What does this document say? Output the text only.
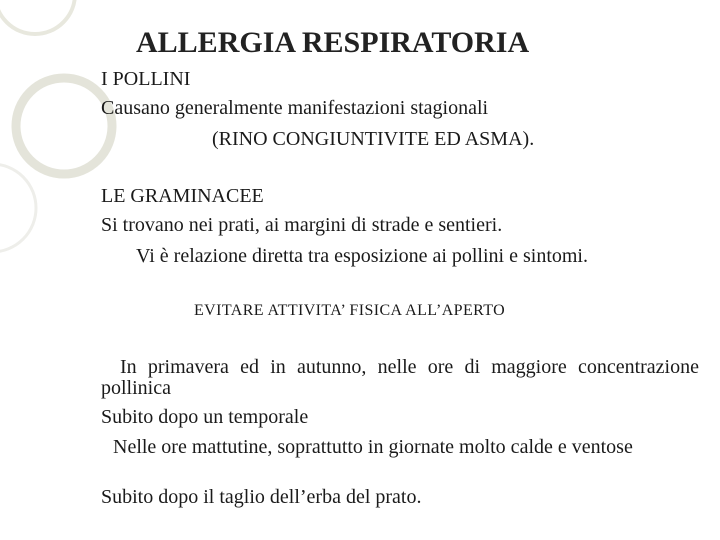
ALLERGIA RESPIRATORIA

I POLLINI

Causano generalmente manifestazioni stagionali

(RINO CONGIUNTIVITE ED ASMA).

LE GRAMINACEE

Si trovano nei prati, ai margini di strade e sentieri.

Vi è relazione diretta tra esposizione ai pollini e sintomi.

EVITARE ATTIVITA’ FISICA ALL’APERTO

In primavera ed in autunno, nelle ore di maggiore concentrazione pollinica

Subito dopo un temporale

Nelle ore mattutine, soprattutto in giornate molto calde e ventose

Subito dopo il taglio dell’erba del prato.
